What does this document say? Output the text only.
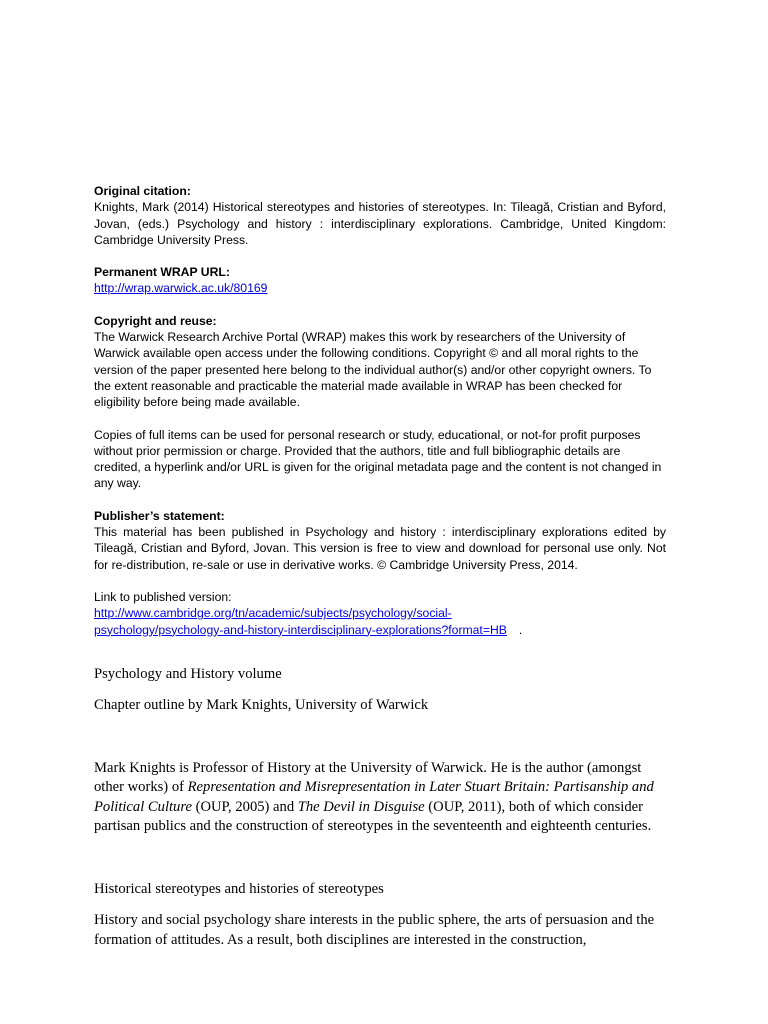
Original citation:

Knights, Mark (2014) Historical stereotypes and histories of stereotypes. In: Tileagă, Cristian and Byford, Jovan, (eds.) Psychology and history : interdisciplinary explorations. Cambridge, United Kingdom: Cambridge University Press.

Permanent WRAP URL:
http://wrap.warwick.ac.uk/80169
Copyright and reuse:

The Warwick Research Archive Portal (WRAP) makes this work by researchers of the University of Warwick available open access under the following conditions. Copyright © and all moral rights to the version of the paper presented here belong to the individual author(s) and/or other copyright owners. To the extent reasonable and practicable the material made available in WRAP has been checked for eligibility before being made available.

Copies of full items can be used for personal research or study, educational, or not-for profit purposes without prior permission or charge. Provided that the authors, title and full bibliographic details are credited, a hyperlink and/or URL is given for the original metadata page and the content is not changed in any way.

Publisher’s statement:

This material has been published in Psychology and history : interdisciplinary explorations edited by Tileagă, Cristian and Byford, Jovan. This version is free to view and download for personal use only. Not for re-distribution, re-sale or use in derivative works. © Cambridge University Press, 2014.

Link to published version:
http://www.cambridge.org/tn/academic/subjects/psychology/social-
psychology/psychology-and-history-interdisciplinary-explorations?format=HB .

Psychology and History volume

Chapter outline by Mark Knights, University of Warwick

Mark Knights is Professor of History at the University of Warwick. He is the author (amongst other works) of Representation and Misrepresentation in Later Stuart Britain: Partisanship and Political Culture (OUP, 2005) and The Devil in Disguise (OUP, 2011), both of which consider partisan publics and the construction of stereotypes in the seventeenth and eighteenth centuries.

Historical stereotypes and histories of stereotypes

History and social psychology share interests in the public sphere, the arts of persuasion and the formation of attitudes. As a result, both disciplines are interested in the construction,
